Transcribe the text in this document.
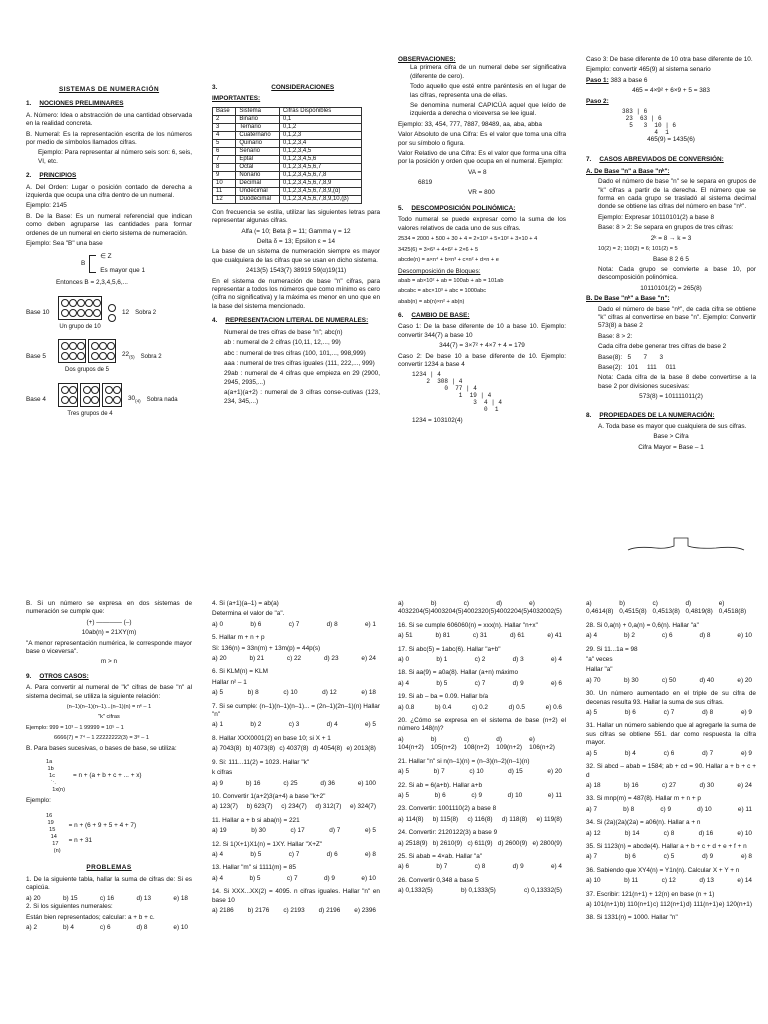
SISTEMAS DE NUMERACIÓN
1. NOCIONES PRELIMINARES

A. Número: Idea o abstracción de una cantidad observada en la realidad concreta.

B. Numeral: Es la representación escrita de los números por medio de símbolos llamados cifras.

Ejemplo: Para representar al número seis son: 6, seis, VI, etc.

2. PRINCIPIOS

A. Del Orden: Lugar o posición contado de derecha a izquierda que ocupa una cifra dentro de un numeral.

Ejemplo: 2145

B. De la Base: Es un numeral referencial que indican como deben agruparse las cantidades para formar ordenes de un numeral en cierto sistema de numeración.

Ejemplo: Sea "B" una base

B
∈ Z
Es mayor que 1

Entonces B = 2,3,4,5,6,...

Base 10
Un grupo de 10
12 Sobra 2
Base 5
Dos grupos de 5
$22_{(5)}$ Sobra 2
Base 4
Tres grupos de 4
$30_{(4)}$ Sobra nada
3.	CONSIDERACIONES
IMPORTANTES:
Base	Sistema	Cifras Disponibles
2	Binario	0,1
3	Ternario	0,1,2
4	Cuaternario	0,1,2,3
5	Quinario	0,1,2,3,4
6	Senario	0,1,2,3,4,5
7	Eptal	0,1,2,3,4,5,6
8	Octal	0,1,2,3,4,5,6,7
9	Nonario	0,1,2,3,4,5,6,7,8
10	Decimal	0,1,2,3,4,5,6,7,8,9
11	Undecimal	0,1,2,3,4,5,6,7,8,9,(α)
12	Duodecimal	0,1,2,3,4,5,6,7,8,9,10,(β)

Con frecuencia se estila, utilizar las siguientes letras para representar algunas cifras.

Alfa (= 10; Beta β = 11; Gamma γ = 12

Delta δ = 13; Epsilon ε = 14

La base de un sistema de numeración siempre es mayor que cualquiera de las cifras que se usan en dicho sistema.

2413(5) 1543(7) 38919 59(α)19(11)

En el sistema de numeración de base "n" cifras, para representar a todos los números que como mínimo es cero (cifra no significativa) y la máxima es menor en uno que en la base del sistema mencionado.

4. REPRESENTACION LITERAL DE NUMERALES:

Numeral de tres cifras de base "n"; abc(n)

ab : numeral de 2 cifras (10,11, 12,..., 99)

abc : numeral de tres cifras (100, 101,..., 998,999)

aaa : numeral de tres cifras iguales (111, 222,..., 999)

29ab : numeral de 4 cifras que empieza en 29 (2900, 2945, 2935,...)

a(a+1)(a+2) : numeral de 3 cifras conse-cutivas (123, 234, 345,...)

OBSERVACIONES:

La primera cifra de un numeral debe ser significativa (diferente de cero).

Todo aquello que esté entre paréntesis en el lugar de las cifras, representa una de ellas.

Se denomina numeral CAPICÚA aquel que leído de izquierda a derecha o viceversa se lee igual.

Ejemplo: 33, 454, 777, 7887, 98489, aa, aba, abba

Valor Absoluto de una Cifra: Es el valor que toma una cifra por su símbolo o figura.

Valor Relativo de una Cifra: Es el valor que forma una cifra por la posición y orden que ocupa en el numeral. Ejemplo:

VA = 8
6819
VR = 800
5. DESCOMPOSICIÓN POLINÓMICA:

Todo numeral se puede expresar como la suma de los valores relativos de cada uno de sus cifras.

2534 = 2000 + 500 + 30 + 4 = 2×10³ + 5×10² + 3×10 + 4

3425(6) = 3×6³ + 4×6² + 2×6 + 5

abcde(n) = a×n⁴ + b×n³ + c×n² + d×n + e

Descomposición de Bloques:

abab = ab×10² + ab = 100ab + ab = 101ab

abcabc = abc×10³ + abc = 1000abc

abab(n) = ab(n)×n² + ab(n)

6. CAMBIO DE BASE:

Caso 1: De la base diferente de 10 a base 10. Ejemplo: convertir 344(7) a base 10

344(7) = 3×7² + 4×7 + 4 = 179

Caso 2: De base 10 a base diferente de 10. Ejemplo: convertir 1234 a base 4

1234 | 4
2  308 | 4
0  77 | 4
1  19 | 4
3  4 | 4
0  1

1234 = 103102(4)

Caso 3: De base diferente de 10 otra base diferente de 10.

Ejemplo: convertir 465(9) al sistema senario

Paso 1: 383 a base 6

465 = 4×9² + 6×9 + 5 = 383

Paso 2:

383 | 6
23  63 | 6
5   3  10 | 6
4  1

465(9) = 1435(6)

7. CASOS ABREVIADOS DE CONVERSIÓN:

A. De Base "n" a Base "nᵏ":

Dado el número de base "n" se le separa en grupos de "k" cifras a partir de la derecha. El número que se forma en cada grupo se trasladó al sistema decimal donde se obtiene las cifras del número en base "nᵏ".

Ejemplo: Expresar 10110101(2) a base 8

Base: 8 > 2: Se separa en grupos de tres cifras:

2ᵏ = 8 → k = 3

10(2) = 2; 110(2) = 6; 101(2) = 5

Base 8 2 6 5

Nota: Cada grupo se convierte a base 10, por descomposición polinómica.

10110101(2) = 265(8)

B. De Base "nᵏ" a Base "n":

Dado el número de base "nᵏ", de cada cifra se obtiene "k" cifras al convertirse en base "n". Ejemplo: Convertir 573(8) a base 2

Base: 8 > 2:

Cada cifra debe generar tres cifras de base 2

Base(8):   5       7       3

Base(2):   101     111     011

Nota: Cada cifra de la base 8 debe convertirse a la base 2 por divisiones sucesivas:

573(8) = 101111011(2)

8. PROPIEDADES DE LA NUMERACIÓN:

A. Toda base es mayor que cualquiera de sus cifras.

Base > Cifra

Cifra Mayor = Base – 1

B. Si un número se expresa en dos sistemas de numeración se cumple que:

(+) ———— (–)

10ab(n) = 21XY(m)

"A menor representación numérica, le corresponde mayor base o viceversa".

m > n

9. OTROS CASOS:

A. Para convertir al numeral de "k" cifras de base "n" al sistema decimal, se utiliza la siguiente relación:

(n–1)(n–1)(n–1)...(n–1)(n) = nᵏ – 1

"k" cifras

Ejemplo: 999 = 10³ – 1 99999 = 10⁵ – 1

6666(7) = 7⁴ – 1 22222222(3) = 3⁸ – 1

B. Para bases sucesivas, o bases de base, se utiliza:

1a
1b
1c
⋱
1x(n)
= n + (a + b + c + ... + x)

Ejemplo:

16
19
15
14
17
(n)
= n + (6 + 9 + 5 + 4 + 7)
= n + 31
PROBLEMAS

1. De la siguiente tabla, hallar la suma de cifras de: Si es capicúa.

a) 20	b) 15	c) 16	d) 13	e) 18

2. Si los siguientes numerales:

Están bien representados; calcular: a + b + c.

a) 2	b) 4	c) 6	d) 8	e) 10

4. Si (a+1)(a–1) = ab(a)

Determina el valor de "a".

a) 0	b) 6	c) 7	d) 8	e) 1

5. Hallar m + n + p

Si: 136(n) = 33n(m) + 13m(p) = 44p(s)

a) 20	b) 21	c) 22	d) 23	e) 24

6. Si KLM(n) = KLM

Hallar n² – 1

a) 5	b) 8	c) 10	d) 12	e) 18

7. Si se cumple: (n–1)(n–1)(n–1)... = (2n–1)(2n–1)(n) Hallar "n"

a) 1	b) 2	c) 3	d) 4	e) 5

8. Hallar XXX0001(2) en base 10; si X + 1

a) 7043(8) b) 4073(8) c) 4037(8) d) 4054(8) e) 2013(8)

9. Si: 111...11(2) = 1023. Hallar "k"

k cifras

a) 9	b) 16	c) 25	d) 36	e) 100

10. Convertir 1(a+2)3(a+4) a base "k+2"

a) 123(7) b) 623(7) c) 234(7) d) 312(7) e) 324(7)

11. Hallar a + b si aba(n) = 221

a) 19	b) 30	c) 17	d) 7	e) 5

12. Si 1(X+1)X1(n) = 1XY. Hallar "X+Z"

a) 4	b) 5	c) 7	d) 6	e) 8

13. Hallar "m" si 1111(m) = 85

a) 4	b) 5	c) 7	d) 9	e) 10

14. Si XXX...XX(2) = 4095. n cifras iguales. Hallar "n" en base 10

a) 2186 b) 2176 c) 2193 d) 2196 e) 2396
a) 4032204(5)
b) 4003204(5)
c) 4002320(5)
d) 4002204(5)
e) 4032002(5)

16. Si se cumple 606060(n) = xxx(n). Hallar "n+x"

a) 51	b) 81	c) 31	d) 61	e) 41

17. Si abc(5) = 1abc(6). Hallar "a+b"

a) 0	b) 1	c) 2	d) 3	e) 4

18. Si aa(9) = a0a(8). Hallar (a+n) máximo

a) 4	b) 5	c) 7	d) 9	e) 6

19. Si ab – ba = 0.09. Hallar b/a

a) 0.8	b) 0.4	c) 0.2	d) 0.5	e) 0.6

20. ¿Cómo se expresa en el sistema de base (n+2) el número 148(n)?

a) 104(n+2)
b) 105(n+2)
c) 108(n+2)
d) 109(n+2)
e) 106(n+2)

21. Hallar "n" si n(n–1)(n) = (n–3)(n–2)(n–1)(n)

a) 5	b) 7	c) 10	d) 15	e) 20

22. Si ab = 6(a+b). Hallar a+b

a) 5	b) 6	c) 9	d) 10	e) 11

23. Convertir: 1001110(2) a base 8

a) 114(8) b) 115(8) c) 116(8) d) 118(8) e) 119(8)

24. Convertir: 2120122(3) a base 9

a) 2518(9) b) 2610(9) c) 611(9) d) 2600(9) e) 2800(9)

25. Si abab = 4×ab. Hallar "a"

a) 6	b) 7	c) 8	d) 9	e) 4

26. Convertir 0,348 a base 5

a) 0,1332(5)	b) 0,1333(5)	c) 0,13332(5)
a) 0,4614(8)
b) 0,4515(8)
c) 0,4513(8)
d) 0,4819(8)
e) 0,4518(8)

28. Si 0,a(n) + 0,a(n) = 0,6(n). Hallar "a"

a) 4	b) 2	c) 6	d) 8	e) 10

29. Si 11...1a = 98

"a" veces

Hallar "a"

a) 70	b) 30	c) 50	d) 40	e) 20

30. Un número aumentado en el triple de su cifra de decenas resulta 93. Hallar la suma de sus cifras.

a) 5	b) 6	c) 7	d) 8	e) 9

31. Hallar un número sabiendo que al agregarle la suma de sus cifras se obtiene 551. dar como respuesta la cifra mayor.

a) 5	b) 4	c) 6	d) 7	e) 9

32. Si abcd – abab = 1584; ab + cd = 90. Hallar a + b + c + d

a) 18	b) 16	c) 27	d) 30	e) 24

33. Si mnp(m) = 487(8). Hallar m + n + p

a) 7	b) 8	c) 9	d) 10	e) 11

34. Si (2a)(2a)(2a) = a06(n). Hallar a + n

a) 12	b) 14	c) 8	d) 16	e) 10

35. Si 1123(n) = abcde(4). Hallar a + b + c + d + e + f + n

a) 7	b) 6	c) 5	d) 9	e) 8

36. Sabiendo que XY4(n) = Y1n(n). Calcular X + Y + n

a) 10	b) 11	c) 12	d) 13	e) 14

37. Escribir: 121(n+1) + 12(n) en base (n + 1)

a) 101(n+1) b) 110(n+1) c) 112(n+1) d) 111(n+1) e) 120(n+1)

38. Si 1331(n) = 1000. Hallar "n"
